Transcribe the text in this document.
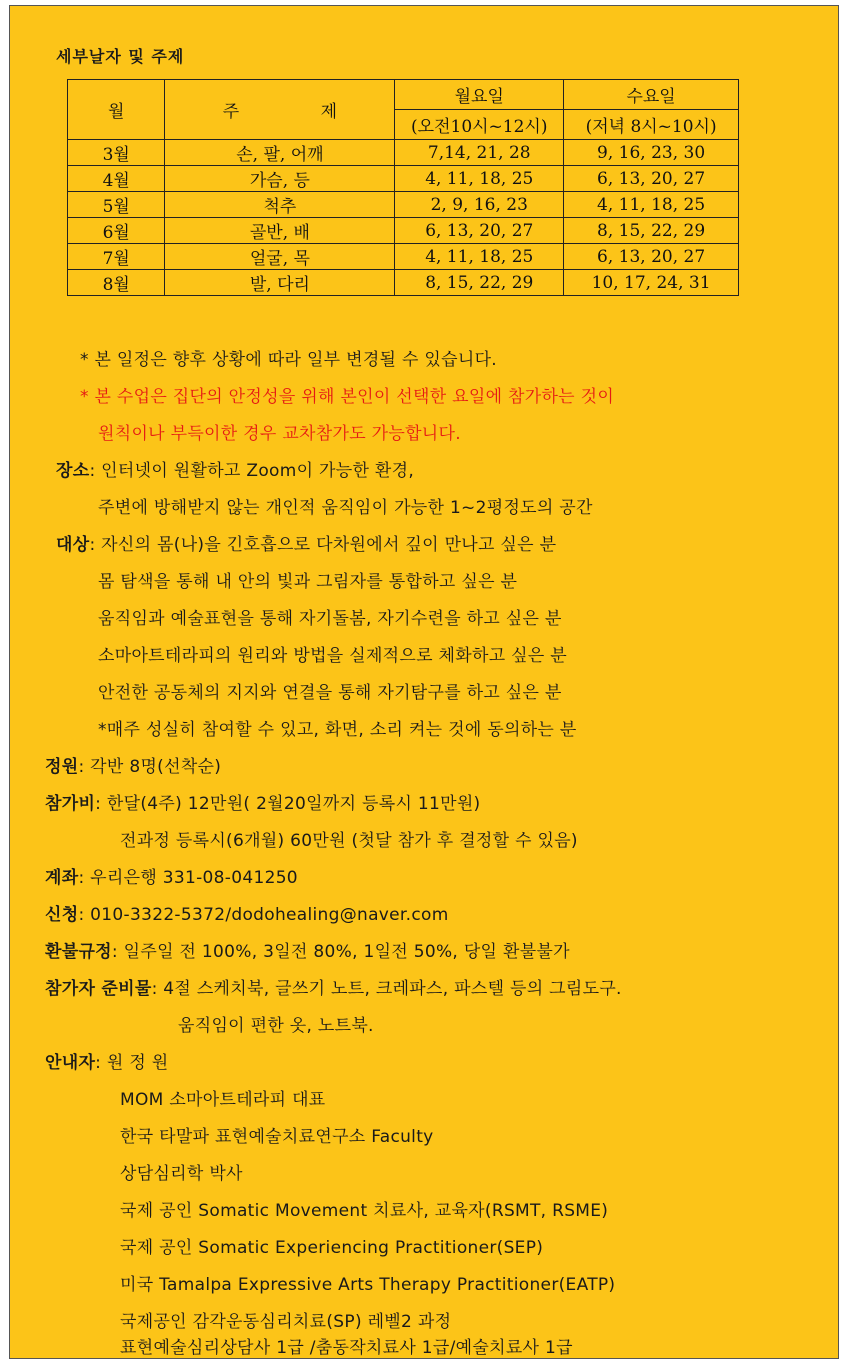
세부날자 및 주제
월	주 제	월요일	수요일
		(오전10시~12시)	(저녁 8시~10시)
3월	손, 팔, 어깨	7,14, 21, 28	9, 16, 23, 30
4월	가슴, 등	4, 11, 18, 25	6, 13, 20, 27
5월	척추	2, 9, 16, 23	4, 11, 18, 25
6월	골반, 배	6, 13, 20, 27	8, 15, 22, 29
7월	얼굴, 목	4, 11, 18, 25	6, 13, 20, 27
8월	발, 다리	8, 15, 22, 29	10, 17, 24, 31
* 본 일정은 향후 상황에 따라 일부 변경될 수 있습니다.
* 본 수업은 집단의 안정성을 위해 본인이 선택한 요일에 참가하는 것이
원칙이나 부득이한 경우 교차참가도 가능합니다.
장소: 인터넷이 원활하고 Zoom이 가능한 환경,
주변에 방해받지 않는 개인적 움직임이 가능한 1~2평정도의 공간
대상: 자신의 몸(나)을 긴호흡으로 다차원에서 깊이 만나고 싶은 분
몸 탐색을 통해 내 안의 빛과 그림자를 통합하고 싶은 분
움직임과 예술표현을 통해 자기돌봄, 자기수련을 하고 싶은 분
소마아트테라피의 원리와 방법을 실제적으로 체화하고 싶은 분
안전한 공동체의 지지와 연결을 통해 자기탐구를 하고 싶은 분
*매주 성실히 참여할 수 있고, 화면, 소리 켜는 것에 동의하는 분
정원: 각반 8명(선착순)
참가비: 한달(4주) 12만원( 2월20일까지 등록시 11만원)
전과정 등록시(6개월) 60만원 (첫달 참가 후 결정할 수 있음)
계좌: 우리은행 331-08-041250
신청: 010-3322-5372/dodohealing@naver.com
환불규정: 일주일 전 100%, 3일전 80%, 1일전 50%, 당일 환불불가
참가자 준비물: 4절 스케치북, 글쓰기 노트, 크레파스, 파스텔 등의 그림도구.
움직임이 편한 옷, 노트북.
안내자: 원 정 원
MOM 소마아트테라피 대표
한국 타말파 표현예술치료연구소 Faculty
상담심리학 박사
국제 공인 Somatic Movement 치료사, 교육자(RSMT, RSME)
국제 공인 Somatic Experiencing Practitioner(SEP)
미국 Tamalpa Expressive Arts Therapy Practitioner(EATP)
국제공인 감각운동심리치료(SP) 레벨2 과정
표현예술심리상담사 1급 /춤동작치료사 1급/예술치료사 1급
